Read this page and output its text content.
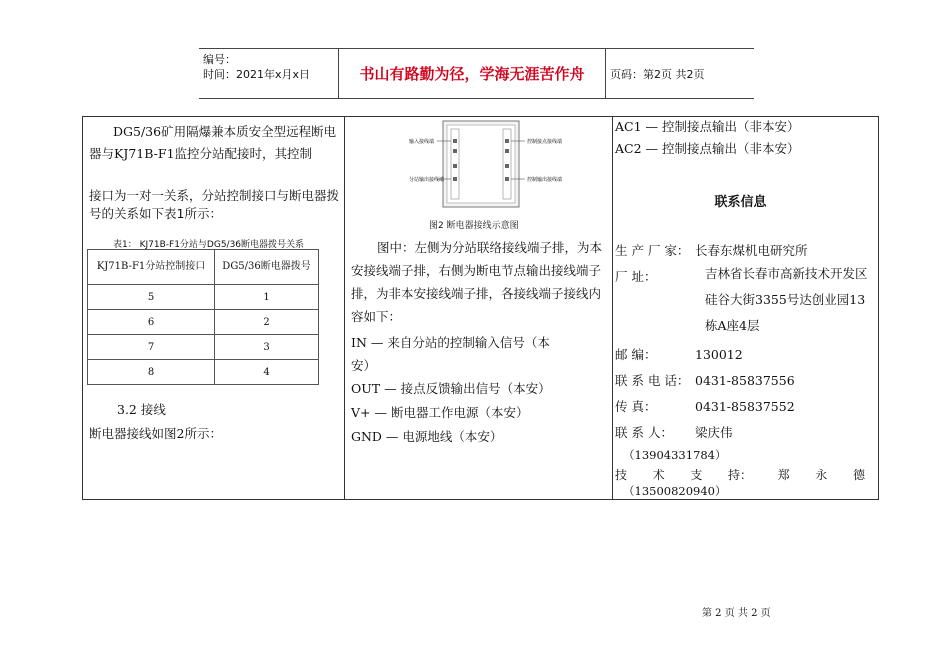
编号：
时间：2021年x月x日	书山有路勤为径，学海无涯苦作舟	页码：第2页 共2页

DG5/36矿用隔爆兼本质安全型远程断电器与KJ71B-F1监控分站配接时，其控制

接口为一对一关系，分站控制接口与断电器拨号的关系如下表1所示：

表1： KJ71B-F1分站与DG5/36断电器拨号关系
KJ71B-F1分站控制接口	DG5/36断电器拨号
5	1
6	2
7	3
8	4
3.2 接线
断电器接线如图2所示：
输入接线端
分站输出接线端	控制输出接线端
控制接点接线端
图2 断电器接线示意图

图中：左侧为分站联络接线端子排，为本安接线端子排，右侧为断电节点输出接线端子排，为非本安接线端子排，各接线端子接线内容如下：

IN — 来自分站的控制输入信号（本
安）
OUT — 接点反馈输出信号（本安）
V+ — 断电器工作电源（本安）
GND — 电源地线（本安）
AC1 — 控制接点输出（非本安）
AC2 — 控制接点输出（非本安）
联系信息
生 产 厂 家： 长春东煤机电研究所
厂 址：	吉林省长春市高新技术开发区硅谷大街3355号达创业园13栋A座4层
邮 编：	130012
联 系 电 话： 0431-85837556
传 真：	0431-85837552
联 系 人： 梁庆伟
（13904331784）
技 术 支 持： 郑 永 德
（13500820940）
第 2 页 共 2 页
